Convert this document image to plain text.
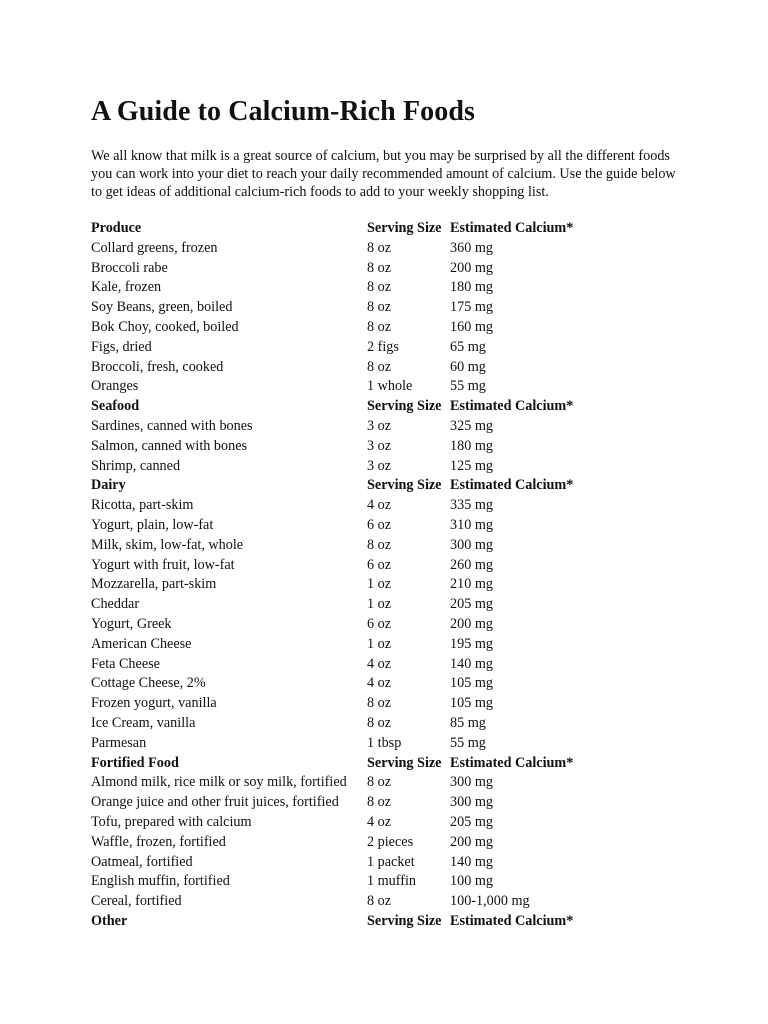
A Guide to Calcium-Rich Foods

We all know that milk is a great source of calcium, but you may be surprised by all the different foods you can work into your diet to reach your daily recommended amount of calcium. Use the guide below to get ideas of additional calcium-rich foods to add to your weekly shopping list.

Produce	Serving Size	Estimated Calcium*
Collard greens, frozen	8 oz	360 mg
Broccoli rabe	8 oz	200 mg
Kale, frozen	8 oz	180 mg
Soy Beans, green, boiled	8 oz	175 mg
Bok Choy, cooked, boiled	8 oz	160 mg
Figs, dried	2 figs	65 mg
Broccoli, fresh, cooked	8 oz	60 mg
Oranges	1 whole	55 mg
Seafood	Serving Size	Estimated Calcium*
Sardines, canned with bones	3 oz	325 mg
Salmon, canned with bones	3 oz	180 mg
Shrimp, canned	3 oz	125 mg
Dairy	Serving Size	Estimated Calcium*
Ricotta, part-skim	4 oz	335 mg
Yogurt, plain, low-fat	6 oz	310 mg
Milk, skim, low-fat, whole	8 oz	300 mg
Yogurt with fruit, low-fat	6 oz	260 mg
Mozzarella, part-skim	1 oz	210 mg
Cheddar	1 oz	205 mg
Yogurt, Greek	6 oz	200 mg
American Cheese	1 oz	195 mg
Feta Cheese	4 oz	140 mg
Cottage Cheese, 2%	4 oz	105 mg
Frozen yogurt, vanilla	8 oz	105 mg
Ice Cream, vanilla	8 oz	85 mg
Parmesan	1 tbsp	55 mg
Fortified Food	Serving Size	Estimated Calcium*
Almond milk, rice milk or soy milk, fortified	8 oz	300 mg
Orange juice and other fruit juices, fortified	8 oz	300 mg
Tofu, prepared with calcium	4 oz	205 mg
Waffle, frozen, fortified	2 pieces	200 mg
Oatmeal, fortified	1 packet	140 mg
English muffin, fortified	1 muffin	100 mg
Cereal, fortified	8 oz	100-1,000 mg
Other	Serving Size	Estimated Calcium*
